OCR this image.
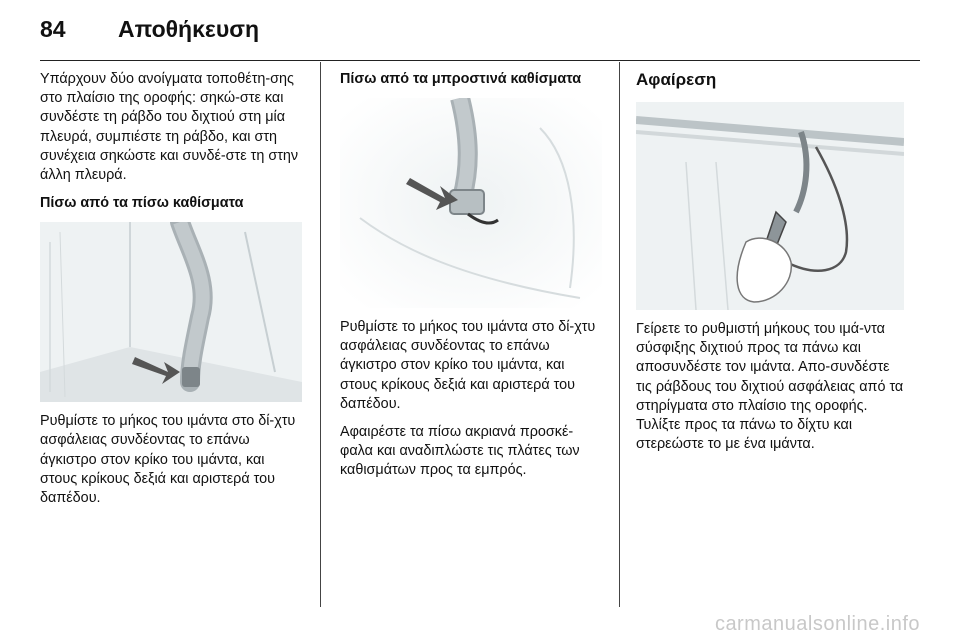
84	Αποθήκευση

Υπάρχουν δύο ανοίγματα τοποθέτη-σης στο πλαίσιο της οροφής: σηκώ-στε και συνδέστε τη ράβδο του διχτιού στη μία πλευρά, συμπιέστε τη ράβδο, και στη συνέχεια σηκώστε και συνδέ-στε τη στην άλλη πλευρά.

Πίσω από τα πίσω καθίσματα

Ρυθμίστε το μήκος του ιμάντα στο δί-χτυ ασφάλειας συνδέοντας το επάνω άγκιστρο στον κρίκο του ιμάντα, και στους κρίκους δεξιά και αριστερά του δαπέδου.

Πίσω από τα μπροστινά καθίσματα

Ρυθμίστε το μήκος του ιμάντα στο δί-χτυ ασφάλειας συνδέοντας το επάνω άγκιστρο στον κρίκο του ιμάντα, και στους κρίκους δεξιά και αριστερά του δαπέδου.

Αφαιρέστε τα πίσω ακριανά προσκέ-φαλα και αναδιπλώστε τις πλάτες των καθισμάτων προς τα εμπρός.

Αφαίρεση

Γείρετε το ρυθμιστή μήκους του ιμά-ντα σύσφιξης διχτιού προς τα πάνω και αποσυνδέστε τον ιμάντα. Απο-συνδέστε τις ράβδους του διχτιού ασφάλειας από τα στηρίγματα στο πλαίσιο της οροφής. Τυλίξτε προς τα πάνω το δίχτυ και στερεώστε το με ένα ιμάντα.

carmanualsonline.info
